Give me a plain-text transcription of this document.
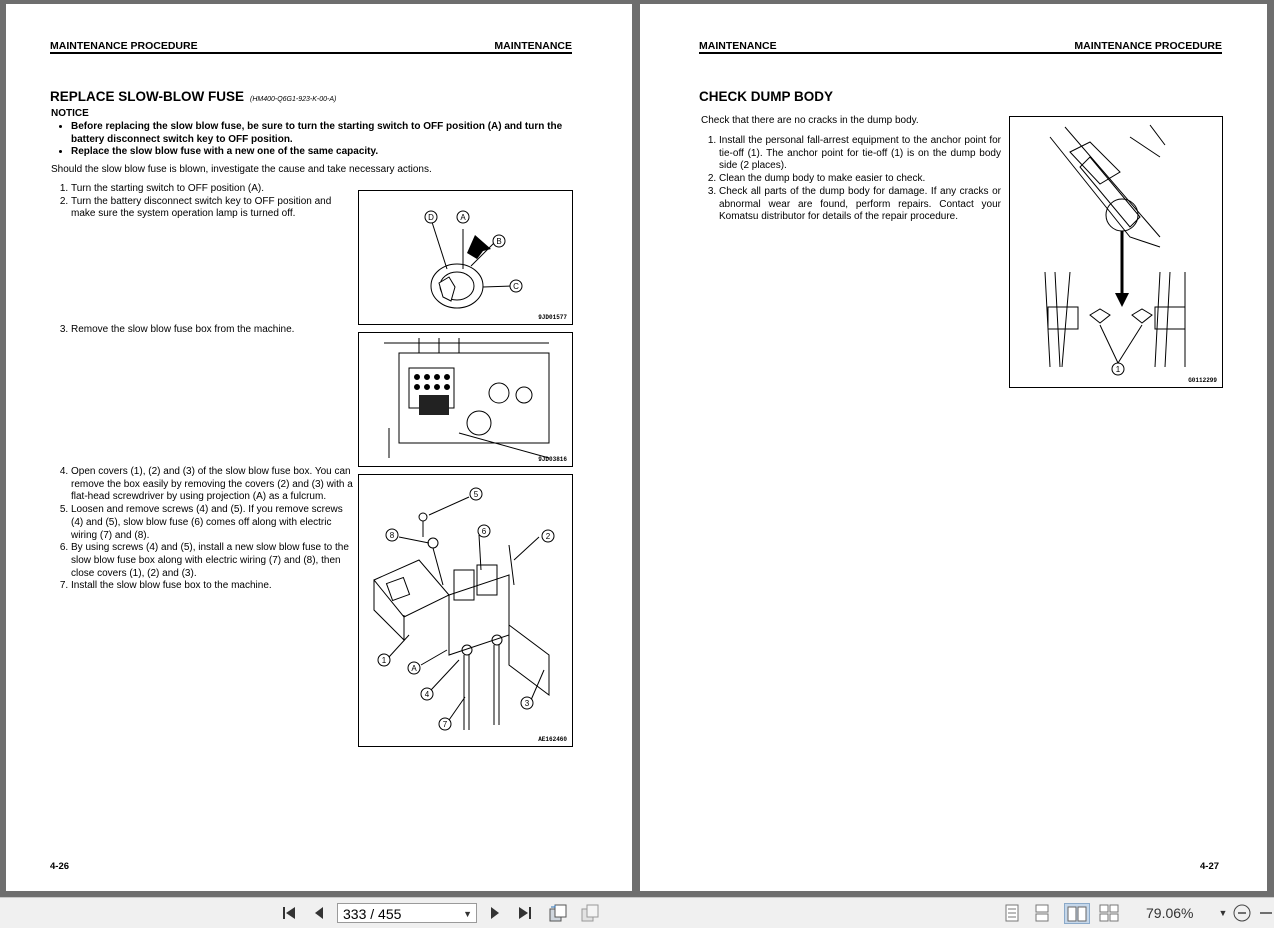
MAINTENANCE PROCEDURE	MAINTENANCE
REPLACE SLOW-BLOW FUSE (HM400-Q6G1-923-K-00-A)
NOTICE
• Before replacing the slow blow fuse, be sure to turn the starting switch to OFF position (A) and turn the battery disconnect switch key to OFF position.
• Replace the slow blow fuse with a new one of the same capacity.
Should the slow blow fuse is blown, investigate the cause and take necessary actions.
1. Turn the starting switch to OFF position (A).
2. Turn the battery disconnect switch key to OFF position and make sure the system operation lamp is turned off.
3. Remove the slow blow fuse box from the machine.
4. Open covers (1), (2) and (3) of the slow blow fuse box. You can remove the box easily by removing the covers (2) and (3) with a flat-head screwdriver by using projection (A) as a fulcrum.
5. Loosen and remove screws (4) and (5). If you remove screws (4) and (5), slow blow fuse (6) comes off along with electric wiring (7) and (8).
6. By using screws (4) and (5), install a new slow blow fuse to the slow blow fuse box along with electric wiring (7) and (8), then close covers (1), (2) and (3).
7. Install the slow blow fuse box to the machine.
D	A
B
C
9JD01577
9JD03816
5
8	6
2
1
A
4
7
3
AE162460
4-26
MAINTENANCE	MAINTENANCE PROCEDURE
CHECK DUMP BODY
Check that there are no cracks in the dump body.
1. Install the personal fall-arrest equipment to the anchor point for tie-off (1). The anchor point for tie-off (1) is on the dump body side (2 places).
2. Clean the dump body to make easier to check.
3. Check all parts of the dump body for damage. If any cracks or abnormal wear are found, perform repairs. Contact your Komatsu distributor for details of the repair procedure.
1
G0112299
4-27
333 / 455	▼	79.06%	▼
